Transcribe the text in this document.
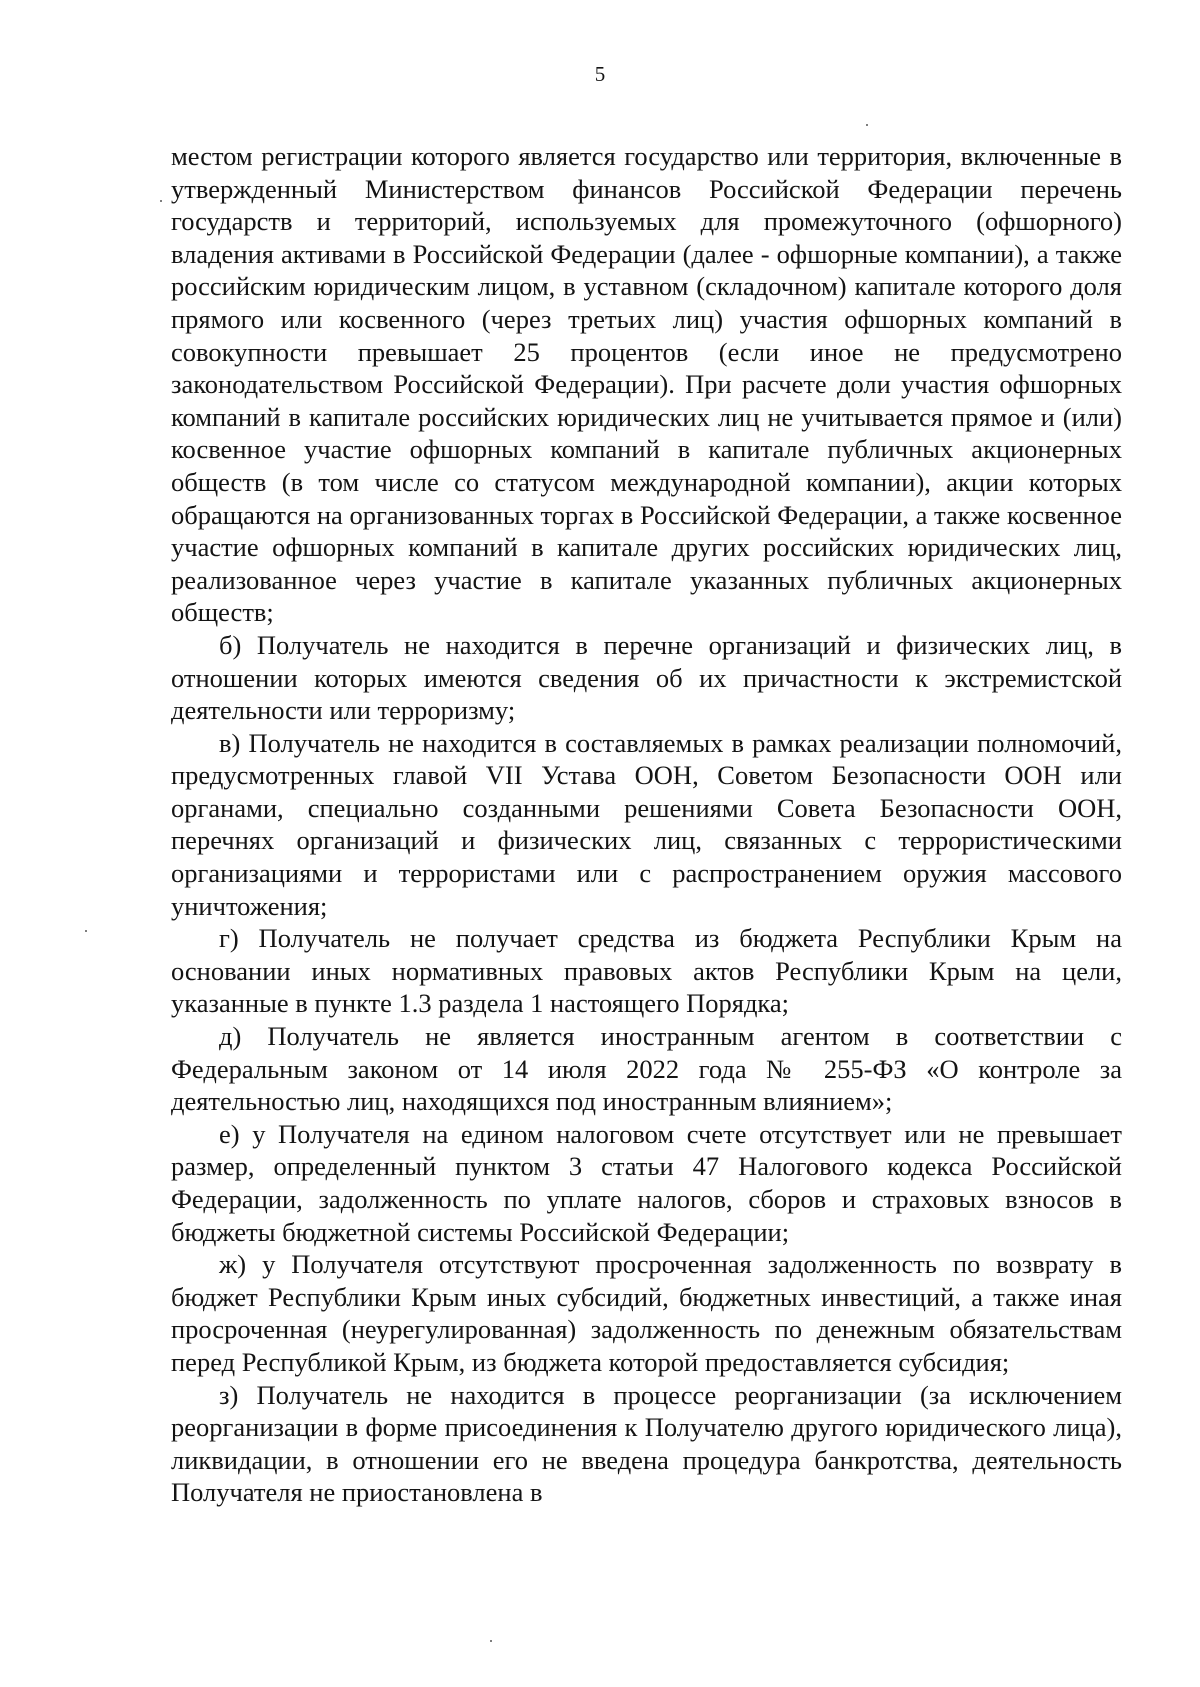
5

местом регистрации которого является государство или территория, включенные в утвержденный Министерством финансов Российской Федерации перечень государств и территорий, используемых для промежуточного (офшорного) владения активами в Российской Федерации (далее - офшорные компании), а также российским юридическим лицом, в уставном (складочном) капитале которого доля прямого или косвенного (через третьих лиц) участия офшорных компаний в совокупности превышает 25 процентов (если иное не предусмотрено законодательством Российской Федерации). При расчете доли участия офшорных компаний в капитале российских юридических лиц не учитывается прямое и (или) косвенное участие офшорных компаний в капитале публичных акционерных обществ (в том числе со статусом международной компании), акции которых обращаются на организованных торгах в Российской Федерации, а также косвенное участие офшорных компаний в капитале других российских юридических лиц, реализованное через участие в капитале указанных публичных акционерных обществ;

б) Получатель не находится в перечне организаций и физических лиц, в отношении которых имеются сведения об их причастности к экстремистской деятельности или терроризму;

в) Получатель не находится в составляемых в рамках реализации полномочий, предусмотренных главой VII Устава ООН, Советом Безопасности ООН или органами, специально созданными решениями Совета Безопасности ООН, перечнях организаций и физических лиц, связанных с террористическими организациями и террористами или с распространением оружия массового уничтожения;

г) Получатель не получает средства из бюджета Республики Крым на основании иных нормативных правовых актов Республики Крым на цели, указанные в пункте 1.3 раздела 1 настоящего Порядка;

д) Получатель не является иностранным агентом в соответствии с Федеральным законом от 14 июля 2022 года № 255-ФЗ «О контроле за деятельностью лиц, находящихся под иностранным влиянием»;

е) у Получателя на едином налоговом счете отсутствует или не превышает размер, определенный пунктом 3 статьи 47 Налогового кодекса Российской Федерации, задолженность по уплате налогов, сборов и страховых взносов в бюджеты бюджетной системы Российской Федерации;

ж) у Получателя отсутствуют просроченная задолженность по возврату в бюджет Республики Крым иных субсидий, бюджетных инвестиций, а также иная просроченная (неурегулированная) задолженность по денежным обязательствам перед Республикой Крым, из бюджета которой предоставляется субсидия;

з) Получатель не находится в процессе реорганизации (за исключением реорганизации в форме присоединения к Получателю другого юридического лица), ликвидации, в отношении его не введена процедура банкротства, деятельность Получателя не приостановлена в
